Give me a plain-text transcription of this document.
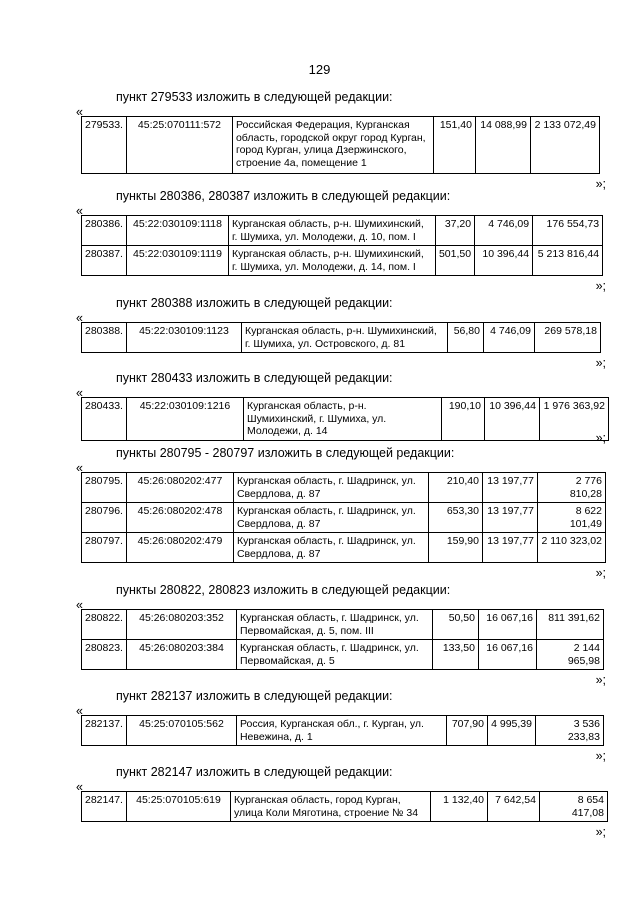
129
пункт 279533 изложить в следующей редакции:
«
279533.	45:25:070111:572	Российская Федерация, Курганская область, городской округ город Курган, город Курган, улица Дзержинского, строение 4а, помещение 1	151,40	14 088,99	2 133 072,49
»;
пункты 280386, 280387 изложить в следующей редакции:
«
280386.	45:22:030109:1118	Курганская область, р-н. Шумихинский, г. Шумиха, ул. Молодежи, д. 10, пом. I	37,20	4 746,09	176 554,73
280387.	45:22:030109:1119	Курганская область, р-н. Шумихинский, г. Шумиха, ул. Молодежи, д. 14, пом. I	501,50	10 396,44	5 213 816,44
»;
пункт 280388 изложить в следующей редакции:
«
280388.	45:22:030109:1123	Курганская область, р-н. Шумихинский, г. Шумиха, ул. Островского, д. 81	56,80	4 746,09	269 578,18
»;
пункт 280433 изложить в следующей редакции:
«
280433.	45:22:030109:1216	Курганская область, р-н. Шумихинский, г. Шумиха, ул. Молодежи, д. 14	190,10	10 396,44	1 976 363,92
»;
пункты 280795 - 280797 изложить в следующей редакции:
«
280795.	45:26:080202:477	Курганская область, г. Шадринск, ул. Свердлова, д. 87	210,40	13 197,77	2 776 810,28
280796.	45:26:080202:478	Курганская область, г. Шадринск, ул. Свердлова, д. 87	653,30	13 197,77	8 622 101,49
280797.	45:26:080202:479	Курганская область, г. Шадринск, ул. Свердлова, д. 87	159,90	13 197,77	2 110 323,02
»;
пункты 280822, 280823 изложить в следующей редакции:
«
280822.	45:26:080203:352	Курганская область, г. Шадринск, ул. Первомайская, д. 5, пом. III	50,50	16 067,16	811 391,62
280823.	45:26:080203:384	Курганская область, г. Шадринск, ул. Первомайская, д. 5	133,50	16 067,16	2 144 965,98
»;
пункт 282137 изложить в следующей редакции:
«
282137.	45:25:070105:562	Россия, Курганская обл., г. Курган, ул. Невежина, д. 1	707,90	4 995,39	3 536 233,83
»;
пункт 282147 изложить в следующей редакции:
«
282147.	45:25:070105:619	Курганская область, город Курган, улица Коли Мяготина, строение № 34	1 132,40	7 642,54	8 654 417,08
»;
